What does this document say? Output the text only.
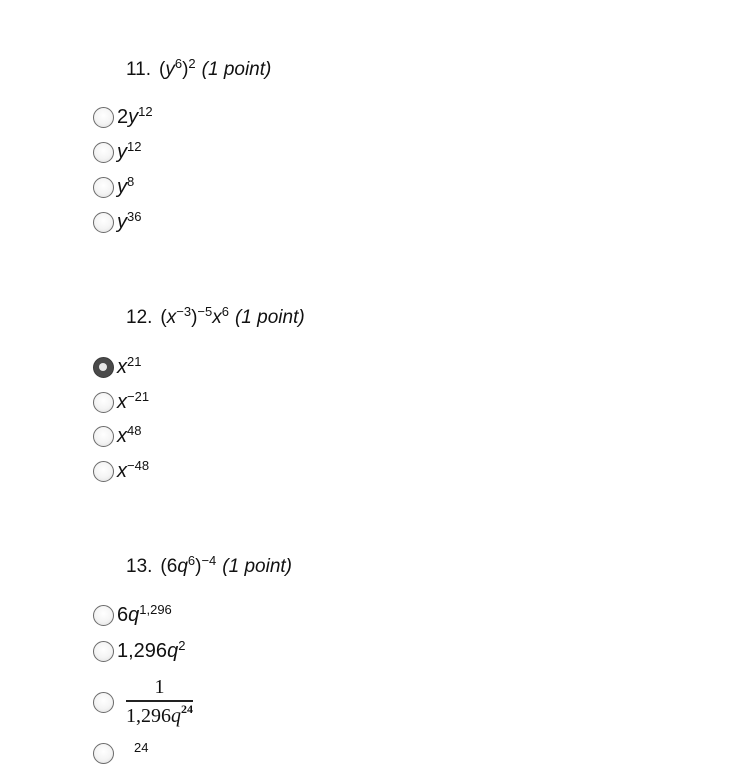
11. $(y^6)^2$ (1 point)
$2y^{12}$
$y^{12}$
$y^8$
$y^{36}$
12. $(x^{-3})^{-5}x^6$ (1 point)
$x^{21}$
$x^{-21}$
$x^{48}$
$x^{-48}$
13. $(6q^6)^{-4}$ (1 point)
$6q^{1,296}$
$1,296q^2$
$\frac{1}{1,296q^{24}}$
$^{24}$
